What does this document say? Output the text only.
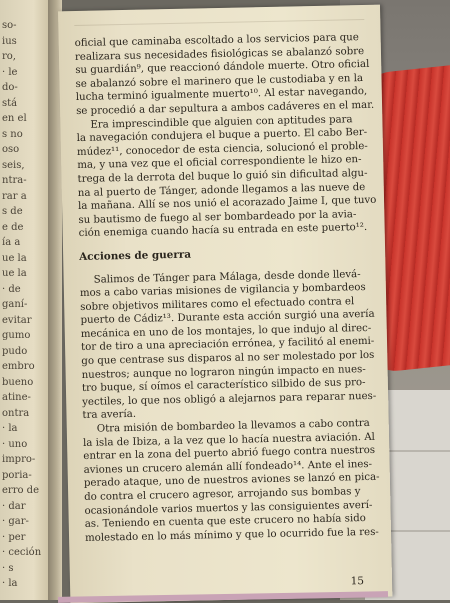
so-
ius
ro,
· le
do-
stá
en el
s no
oso
seis,
ntra-
rar a
s de
e de
ía a
ue la
ue la
· de
ganí-
evitar
gumo
pudo
embro
bueno
atine-
ontra
· la
· uno
impro-
poria-
erro de
· dar
· gar-
· per
· ceción
· s
· la
oficial que caminaba escoltado a los servicios para que
realizara sus necesidades fisiológicas se abalanzó sobre
su guardián⁹, que reaccionó dándole muerte. Otro oficial
se abalanzó sobre el marinero que le custodiaba y en la
lucha terminó igualmente muerto¹⁰. Al estar navegando,
se procedió a dar sepultura a ambos cadáveres en el mar.
Era imprescindible que alguien con aptitudes para
la navegación condujera el buque a puerto. El cabo Ber-
múdez¹¹, conocedor de esta ciencia, solucionó el proble-
ma, y una vez que el oficial correspondiente le hizo en-
trega de la derrota del buque lo guió sin dificultad algu-
na al puerto de Tánger, adonde llegamos a las nueve de
la mañana. Allí se nos unió el acorazado Jaime I, que tuvo
su bautismo de fuego al ser bombardeado por la avia-
ción enemiga cuando hacía su entrada en este puerto¹².
Acciones de guerra
Salimos de Tánger para Málaga, desde donde llevá-
mos a cabo varias misiones de vigilancia y bombardeos
sobre objetivos militares como el efectuado contra el
puerto de Cádiz¹³. Durante esta acción surgió una avería
mecánica en uno de los montajes, lo que indujo al direc-
tor de tiro a una apreciación errónea, y facilitó al enemi-
go que centrase sus disparos al no ser molestado por los
nuestros; aunque no lograron ningún impacto en nues-
tro buque, sí oímos el característico silbido de sus pro-
yectiles, lo que nos obligó a alejarnos para reparar nues-
tra avería.
Otra misión de bombardeo la llevamos a cabo contra
la isla de Ibiza, a la vez que lo hacía nuestra aviación. Al
entrar en la zona del puerto abrió fuego contra nuestros
aviones un crucero alemán allí fondeado¹⁴. Ante el ines-
perado ataque, uno de nuestros aviones se lanzó en pica-
do contra el crucero agresor, arrojando sus bombas y
ocasionándole varios muertos y las consiguientes averí-
as. Teniendo en cuenta que este crucero no había sido
molestado en lo más mínimo y que lo ocurrido fue la res-
15
